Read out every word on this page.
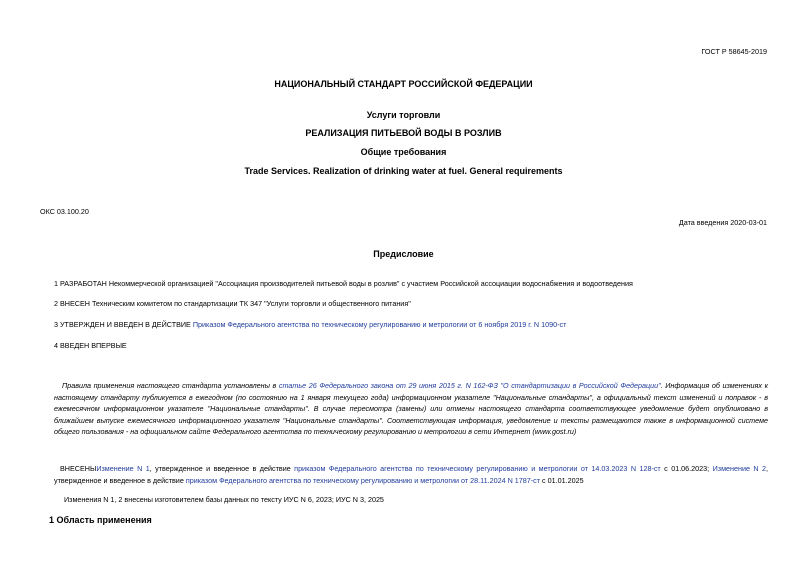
ГОСТ Р 58645-2019
НАЦИОНАЛЬНЫЙ СТАНДАРТ РОССИЙСКОЙ ФЕДЕРАЦИИ
Услуги торговли
РЕАЛИЗАЦИЯ ПИТЬЕВОЙ ВОДЫ В РОЗЛИВ
Общие требования
Trade Services. Realization of drinking water at fuel. General requirements
ОКС 03.100.20
Дата введения 2020-03-01
Предисловие
1 РАЗРАБОТАН Некоммерческой организацией "Ассоциация производителей питьевой воды в розлив" с участием Российской ассоциации водоснабжения и водоотведения
2 ВНЕСЕН Техническим комитетом по стандартизации ТК 347 "Услуги торговли и общественного питания"
3 УТВЕРЖДЕН И ВВЕДЕН В ДЕЙСТВИЕ Приказом Федерального агентства по техническому регулированию и метрологии от 6 ноября 2019 г. N 1090-ст
4 ВВЕДЕН ВПЕРВЫЕ
Правила применения настоящего стандарта установлены в статье 26 Федерального закона от 29 июня 2015 г. N 162-ФЗ "О стандартизации в Российской Федерации". Информация об изменениях к настоящему стандарту публикуется в ежегодном (по состоянию на 1 января текущего года) информационном указателе "Национальные стандарты", а официальный текст изменений и поправок - в ежемесячном информационном указателе "Национальные стандарты". В случае пересмотра (замены) или отмены настоящего стандарта соответствующее уведомление будет опубликовано в ближайшем выпуске ежемесячного информационного указателя "Национальные стандарты". Соответствующая информация, уведомление и тексты размещаются также в информационной системе общего пользования - на официальном сайте Федерального агентства по техническому регулированию и метрологии в сети Интернет (www.gost.ru)
ВНЕСЕНЫИзменение N 1, утвержденное и введенное в действие приказом Федерального агентства по техническому регулированию и метрологии от 14.03.2023 N 128-ст с 01.06.2023; Изменение N 2, утвержденное и введенное в действие приказом Федерального агентства по техническому регулированию и метрологии от 28.11.2024 N 1787-ст с 01.01.2025
Изменения N 1, 2 внесены изготовителем базы данных по тексту ИУС N 6, 2023; ИУС N 3, 2025
1 Область применения
